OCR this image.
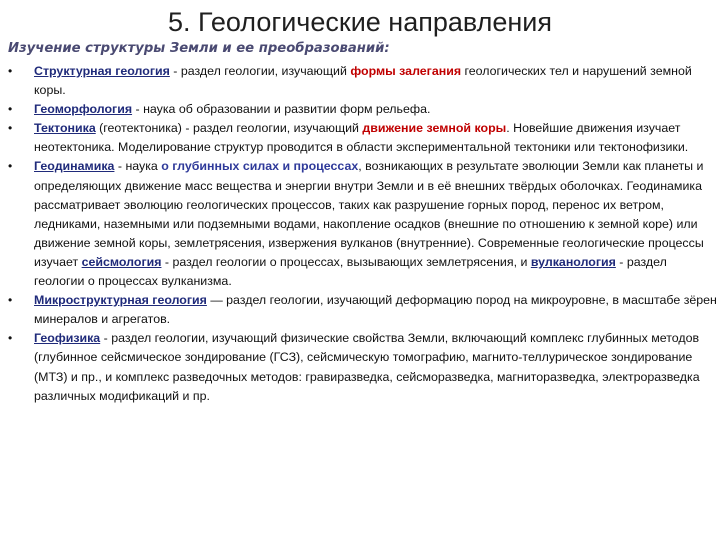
5. Геологические направления
Изучение структуры Земли и ее преобразований:
• Структурная геология - раздел геологии, изучающий формы залегания геологических тел и нарушений земной коры.
• Геоморфология - наука об образовании и развитии форм рельефа.
• Тектоника (геотектоника) - раздел геологии, изучающий движение земной коры. Новейшие движения изучает неотектоника. Моделирование структур проводится в области экспериментальной тектоники или тектонофизики.
• Геодинамика - наука о глубинных силах и процессах, возникающих в результате эволюции Земли как планеты и определяющих движение масс вещества и энергии внутри Земли и в её внешних твёрдых оболочках. Геодинамика рассматривает эволюцию геологических процессов, таких как разрушение горных пород, перенос их ветром, ледниками, наземными или подземными водами, накопление осадков (внешние по отношению к земной коре) или движение земной коры, землетрясения, извержения вулканов (внутренние). Современные геологические процессы изучает сейсмология - раздел геологии о процессах, вызывающих землетрясения, и вулканология - раздел геологии о процессах вулканизма.
• Микроструктурная геология — раздел геологии, изучающий деформацию пород на микроуровне, в масштабе зёрен минералов и агрегатов.
• Геофизика - раздел геологии, изучающий физические свойства Земли, включающий комплекс глубинных методов (глубинное сейсмическое зондирование (ГСЗ), сейсмическую томографию, магнито-теллурическое зондирование (МТЗ) и пр., и комплекс разведочных методов: гравиразведка, сейсморазведка, магниторазведка, электроразведка различных модификаций и пр.
